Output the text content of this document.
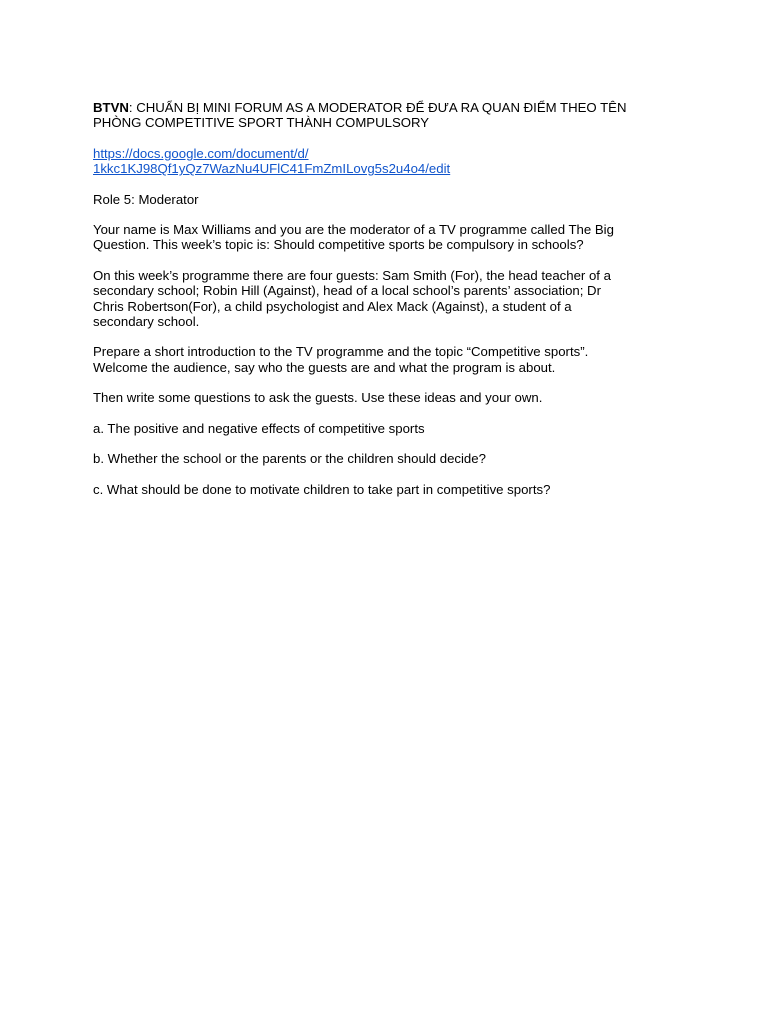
BTVN: CHUẨN BỊ MINI FORUM AS A MODERATOR ĐỂ ĐƯA RA QUAN ĐIỂM THEO TÊN
PHÒNG COMPETITIVE SPORT THÀNH COMPULSORY
https://docs.google.com/document/d/
1kkc1KJ98Qf1yQz7WazNu4UFlC41FmZmILovg5s2u4o4/edit
Role 5: Moderator
Your name is Max Williams and you are the moderator of a TV programme called The Big
Question. This week’s topic is: Should competitive sports be compulsory in schools?
On this week’s programme there are four guests: Sam Smith (For), the head teacher of a
secondary school; Robin Hill (Against), head of a local school’s parents’ association; Dr
Chris Robertson(For), a child psychologist and Alex Mack (Against), a student of a
secondary school.
Prepare a short introduction to the TV programme and the topic “Competitive sports”.
Welcome the audience, say who the guests are and what the program is about.
Then write some questions to ask the guests. Use these ideas and your own.
a. The positive and negative effects of competitive sports
b. Whether the school or the parents or the children should decide?
c. What should be done to motivate children to take part in competitive sports?
